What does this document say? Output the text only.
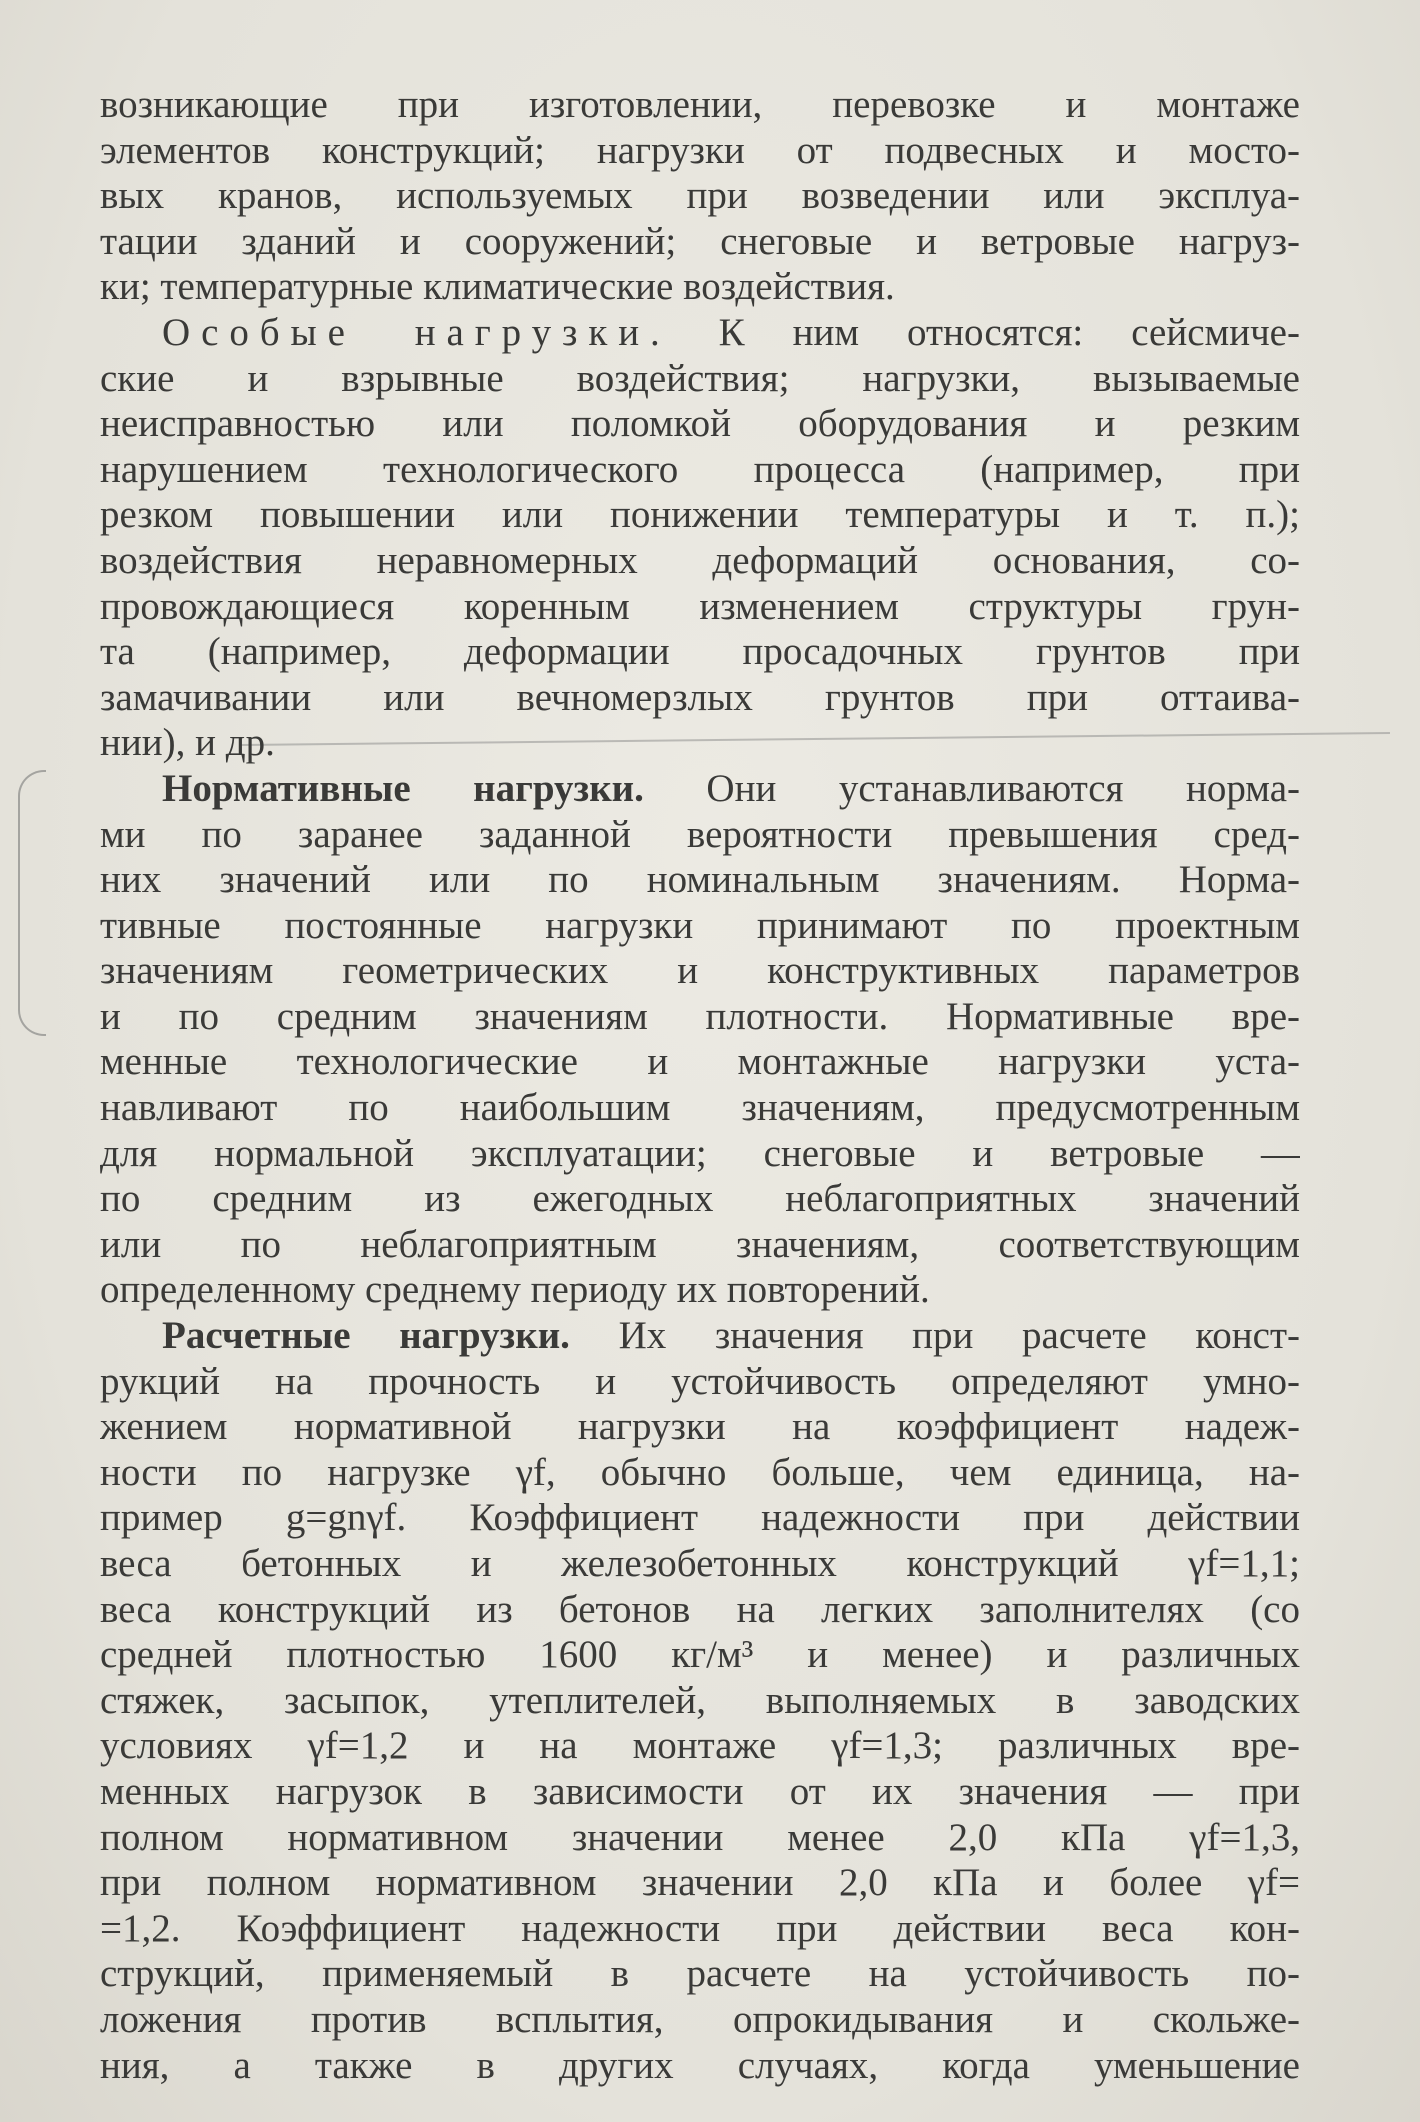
возникающие при изготовлении, перевозке и монтаже
элементов конструкций; нагрузки от подвесных и мосто-
вых кранов, используемых при возведении или эксплуа-
тации зданий и сооружений; снеговые и ветровые нагруз-
ки; температурные климатические воздействия.
Особые нагрузки. К ним относятся: сейсмиче-
ские и взрывные воздействия; нагрузки, вызываемые
неисправностью или поломкой оборудования и резким
нарушением технологического процесса (например, при
резком повышении или понижении температуры и т. п.);
воздействия неравномерных деформаций основания, со-
провождающиеся коренным изменением структуры грун-
та (например, деформации просадочных грунтов при
замачивании или вечномерзлых грунтов при оттаива-
нии), и др.
Нормативные нагрузки. Они устанавливаются норма-
ми по заранее заданной вероятности превышения сред-
них значений или по номинальным значениям. Норма-
тивные постоянные нагрузки принимают по проектным
значениям геометрических и конструктивных параметров
и по средним значениям плотности. Нормативные вре-
менные технологические и монтажные нагрузки уста-
навливают по наибольшим значениям, предусмотренным
для нормальной эксплуатации; снеговые и ветровые —
по средним из ежегодных неблагоприятных значений
или по неблагоприятным значениям, соответствующим
определенному среднему периоду их повторений.
Расчетные нагрузки. Их значения при расчете конст-
рукций на прочность и устойчивость определяют умно-
жением нормативной нагрузки на коэффициент надеж-
ности по нагрузке γf, обычно больше, чем единица, на-
пример g=gnγf. Коэффициент надежности при действии
веса бетонных и железобетонных конструкций γf=1,1;
веса конструкций из бетонов на легких заполнителях (со
средней плотностью 1600 кг/м³ и менее) и различных
стяжек, засыпок, утеплителей, выполняемых в заводских
условиях γf=1,2 и на монтаже γf=1,3; различных вре-
менных нагрузок в зависимости от их значения — при
полном нормативном значении менее 2,0 кПа γf=1,3,
при полном нормативном значении 2,0 кПа и более γf=
=1,2. Коэффициент надежности при действии веса кон-
струкций, применяемый в расчете на устойчивость по-
ложения против всплытия, опрокидывания и скольже-
ния, а также в других случаях, когда уменьшение
